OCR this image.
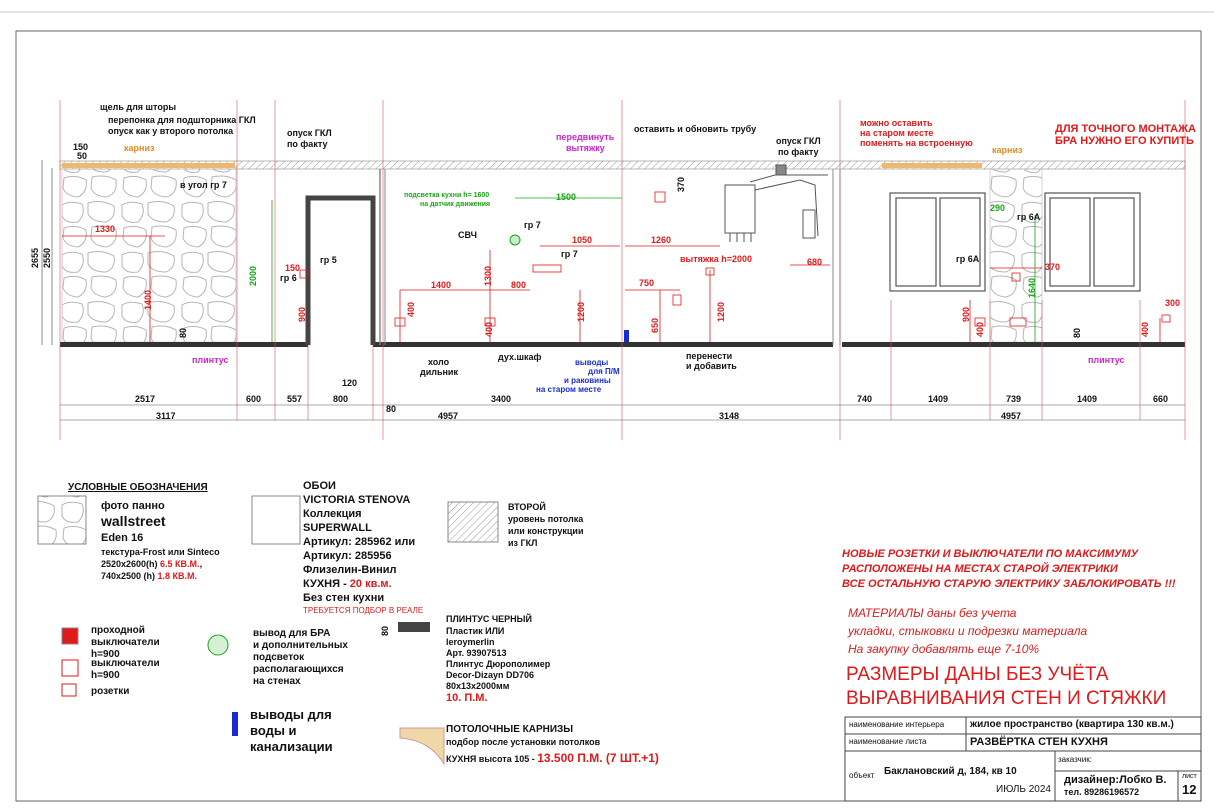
щель для шторы
перепонка для подшторника ГКЛ
опуск как у второго потолка
150
50
карниз
опуск ГКЛ
по факту
передвинуть
вытяжку
оставить и обновить трубу
опуск ГКЛ
по факту
можно оставить
на старом месте
поменять на встроенную
карниз
ДЛЯ ТОЧНОГО МОНТАЖА
БРА НУЖНО ЕГО КУПИТЬ
370
2655 2550
в угол гр 7
1330
1400
80
2000	150
гр 6
гр 5
900
подсветка кухни h= 1600
на датчик движения
1500
гр 7
СВЧ	1050
гр 7
1260
вытяжка h=2000	680
1300
1400	800
400
400
1200
750
650
1200
290
гр 6А
гр 6А
370
1640
900
400	80	400
300
плинтус	плинтус
холо
дильник
дух.шкаф
выводы
для П/М
и раковины
на старом месте
перенести
и добавить
120
2517	600	557	800	3400	740	1409	739	1409	660
80
3117	4957	3148	4957
УСЛОВНЫЕ ОБОЗНАЧЕНИЯ
фото панно
wallstreet
Eden 16
текстура-Frost или Sinteco
2520x2600(h) 6.5 КВ.М.,
740x2500 (h) 1.8 КВ.М.
ОБОИ
VICTORIA STENOVA
Коллекция
SUPERWALL
Артикул: 285962 или
Артикул: 285956
Флизелин-Винил
КУХНЯ - 20 кв.м.
Без стен кухни
ТРЕБУЕТСЯ ПОДБОР В РЕАЛЕ
ВТОРОЙ
уровень потолка
или конструкции
из ГКЛ
проходной
выключатели
h=900
выключатели
h=900
розетки
вывод для БРА
и дополнительных
подсветок
располагающихся
на стенах
80
ПЛИНТУС ЧЕРНЫЙ
Пластик ИЛИ
leroymerlin
Арт. 93907513
Плинтус Дюрополимер
Decor-Dizayn DD706
80x13x2000мм
10. П.М.
выводы для
воды и
канализации
ПОТОЛОЧНЫЕ КАРНИЗЫ
подбор после установки потолков
КУХНЯ высота 105 - 13.500 П.М. (7 ШТ.+1)
НОВЫЕ РОЗЕТКИ И ВЫКЛЮЧАТЕЛИ ПО МАКСИМУМУ
РАСПОЛОЖЕНЫ НА МЕСТАХ СТАРОЙ ЭЛЕКТРИКИ
ВСЕ ОСТАЛЬНУЮ СТАРУЮ ЭЛЕКТРИКУ ЗАБЛОКИРОВАТЬ !!!
МАТЕРИАЛЫ даны без учета
укладки, стыковки и подрезки материала
На закупку добавлять еще 7-10%
РАЗМЕРЫ ДАНЫ БЕЗ УЧЁТА
ВЫРАВНИВАНИЯ СТЕН И СТЯЖКИ
наименование интерьера	жилое пространство (квартира 130 кв.м.)
наименование листа	РАЗВЁРТКА СТЕН КУХНЯ
заказчик:
объект Баклановский д, 184, кв 10
ИЮЛЬ 2024
дизайнер:Лобко В.
тел. 89286196572
лист
12
